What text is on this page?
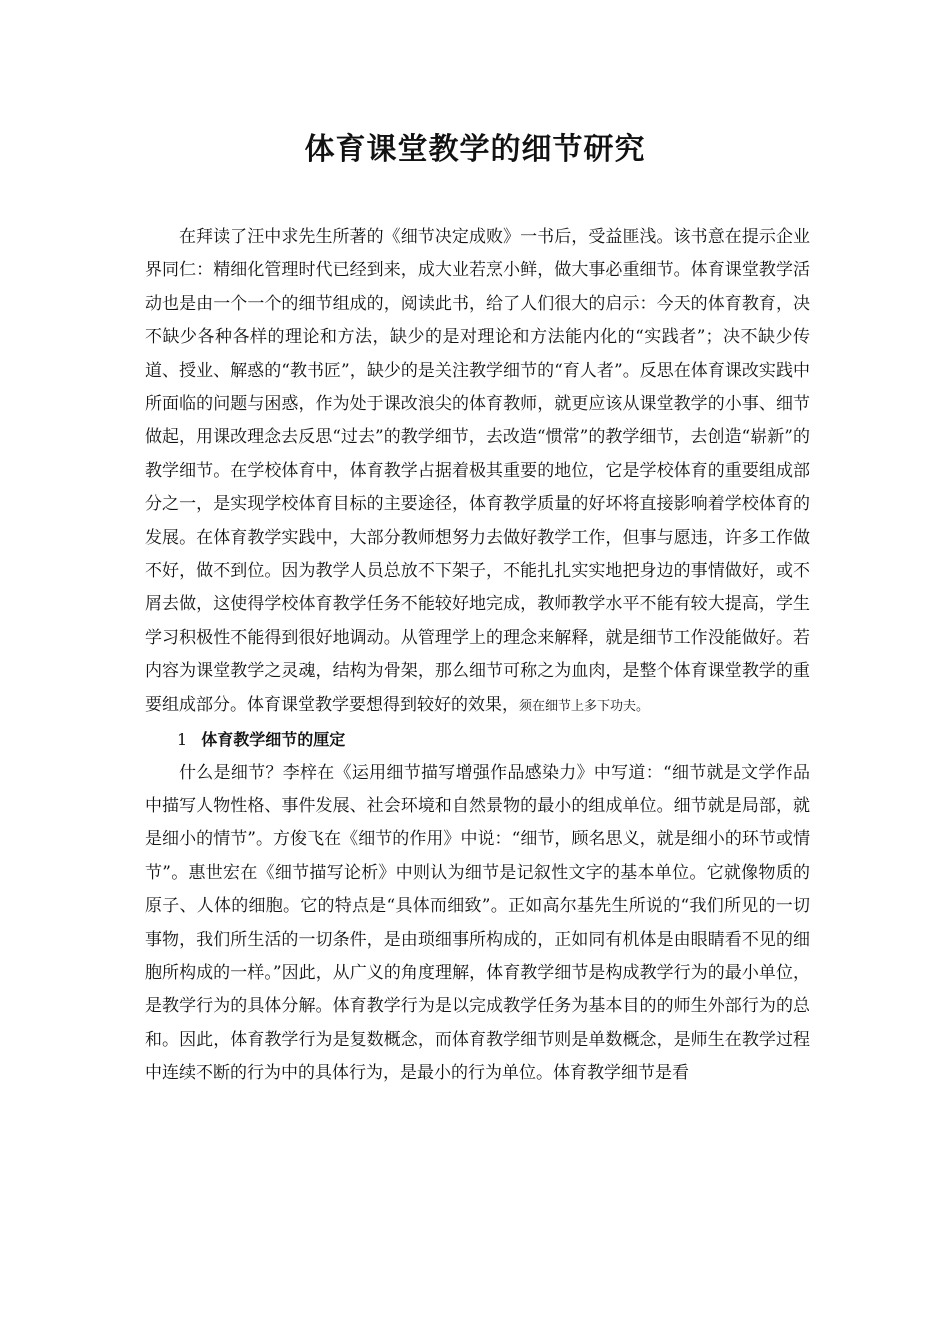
体育课堂教学的细节研究

在拜读了汪中求先生所著的《细节决定成败》一书后，受益匪浅。该书意在提示企业界同仁：精细化管理时代已经到来，成大业若烹小鲜，做大事必重细节。体育课堂教学活动也是由一个一个的细节组成的，阅读此书，给了人们很大的启示：今天的体育教育，决不缺少各种各样的理论和方法，缺少的是对理论和方法能内化的“实践者”；决不缺少传道、授业、解惑的“教书匠”，缺少的是关注教学细节的“育人者”。反思在体育课改实践中所面临的问题与困惑，作为处于课改浪尖的体育教师，就更应该从课堂教学的小事、细节做起，用课改理念去反思“过去”的教学细节，去改造“惯常”的教学细节，去创造“崭新”的教学细节。在学校体育中，体育教学占据着极其重要的地位，它是学校体育的重要组成部分之一，是实现学校体育目标的主要途径，体育教学质量的好坏将直接影响着学校体育的发展。在体育教学实践中，大部分教师想努力去做好教学工作，但事与愿违，许多工作做不好，做不到位。因为教学人员总放不下架子，不能扎扎实实地把身边的事情做好，或不屑去做，这使得学校体育教学任务不能较好地完成，教师教学水平不能有较大提高，学生学习积极性不能得到很好地调动。从管理学上的理念来解释，就是细节工作没能做好。若内容为课堂教学之灵魂，结构为骨架，那么细节可称之为血肉，是整个体育课堂教学的重要组成部分。体育课堂教学要想得到较好的效果，须在细节上多下功夫。

1 体育教学细节的厘定

什么是细节？李梓在《运用细节描写增强作品感染力》中写道：“细节就是文学作品中描写人物性格、事件发展、社会环境和自然景物的最小的组成单位。细节就是局部，就是细小的情节”。方俊飞在《细节的作用》中说：“细节，顾名思义，就是细小的环节或情节”。惠世宏在《细节描写论析》中则认为细节是记叙性文字的基本单位。它就像物质的原子、人体的细胞。它的特点是“具体而细致”。正如高尔基先生所说的“我们所见的一切事物，我们所生活的一切条件，是由琐细事所构成的，正如同有机体是由眼睛看不见的细胞所构成的一样。”因此，从广义的角度理解，体育教学细节是构成教学行为的最小单位，是教学行为的具体分解。体育教学行为是以完成教学任务为基本目的的师生外部行为的总和。因此，体育教学行为是复数概念，而体育教学细节则是单数概念，是师生在教学过程中连续不断的行为中的具体行为，是最小的行为单位。体育教学细节是看
